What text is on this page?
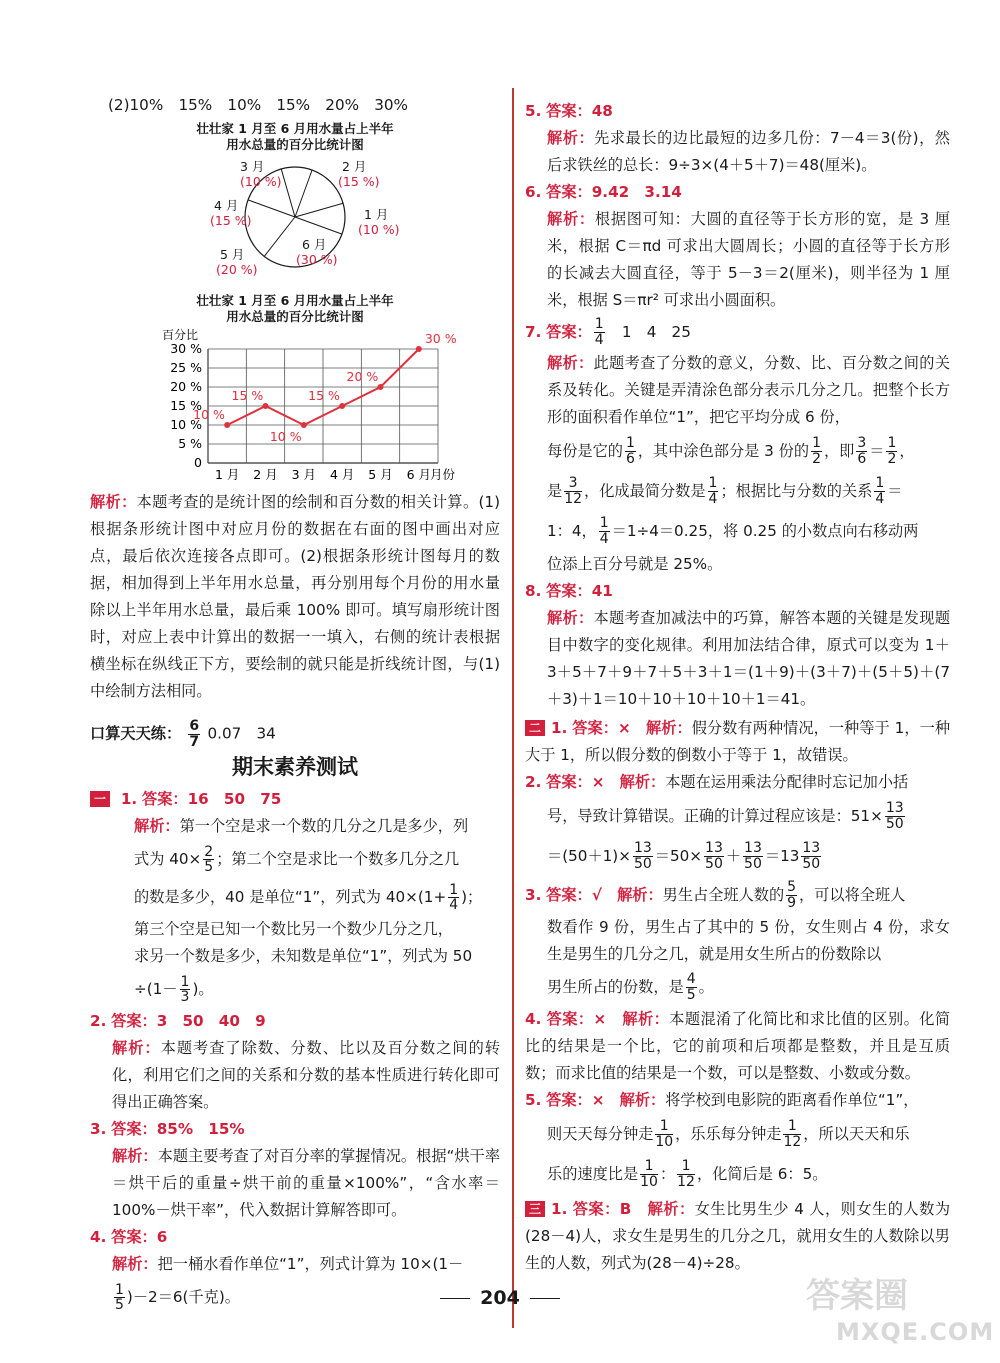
(2)10%　15%　10%　15%　20%　30%
壮壮家 1 月至 6 月用水量占上半年
用水总量的百分比统计图
3 月
(10 %)
2 月
(15 %)
4 月
(15 %)	1 月
(10 %)
5 月
(20 %)
6 月
(30 %)
壮壮家 1 月至 6 月用水量占上半年
用水总量的百分比统计图
百分比
30 %
25 %
20 %
15 %
10 %
5 %
0
1 月 2 月 3 月 4 月 5 月 6 月
10 %
15 %
10 %
15 %
20 %
30 %
月份
解析：本题考查的是统计图的绘制和百分数的相关计算。(1)根据条形统计图中对应月份的数据在右面的图中画出对应点，最后依次连接各点即可。(2)根据条形统计图每月的数据，相加得到上半年用水总量，再分别用每个月份的用水量除以上半年用水总量，最后乘 100% 即可。填写扇形统计图时，对应上表中计算出的数据一一填入，右侧的统计表根据横坐标在纵线正下方，要绘制的就只能是折线统计图，与(1)中绘制方法相同。
口算天天练： $\frac{6}{7} 0.07$　34
期末素养测试
一 1. 答案：16　50　75
解析：第一个空是求一个数的几分之几是多少，列
式为 $40\times \frac{2}{5}$ ；第二个空是求比一个数多几分之几
的数是多少，40 是单位“1”，列式为 $40\times(1+ \frac{1}{4}$ )；
第三个空是已知一个数比另一个数少几分之几，
求另一个数是多少，未知数是单位“1”，列式为 50
$\div(1- \frac{1}{3}$ )。
2. 答案：3　50　40　9
解析：本题考查了除数、分数、比以及百分数之间的转化，利用它们之间的关系和分数的基本性质进行转化即可得出正确答案。
3. 答案：85%　15%
解析：本题主要考查了对百分率的掌握情况。根据“烘干率＝烘干后的重量÷烘干前的重量×100%”，“含水率＝100%－烘干率”，代入数据计算解答即可。
4. 答案：6
解析：把一桶水看作单位“1”，列式计算为 10×(1－
$\frac{1}{5} )-2=6$(千克)。
5. 答案：48
解析：先求最长的边比最短的边多几份：7－4＝3(份)，然后求铁丝的总长：9÷3×(4＋5＋7)＝48(厘米)。
6. 答案：9.42　3.14
解析：根据图可知：大圆的直径等于长方形的宽，是 3 厘米，根据 C＝πd 可求出大圆周长；小圆的直径等于长方形的长减去大圆直径，等于 5－3＝2(厘米)，则半径为 1 厘米，根据 S＝πr² 可求出小圆面积。
7. 答案： $\frac{1}{4}$
　 1　4　25
解析：此题考查了分数的意义，分数、比、百分数之间的关系及转化。关键是弄清涂色部分表示几分之几。把整个长方形的面积看作单位“1”，把它平均分成 6 份，
每份是它的 $\frac{1}{6}$ ，其中涂色部分是 3 份的 $\frac{1}{2}$ ，即 $\frac{3}{6} = \frac{1}{2}$ ，
是 $\frac{3}{12}$ ，化成最简分数是 $\frac{1}{4}$ ；根据比与分数的关系 $\frac{1}{4}$ ＝
1：4， $\frac{1}{4} =1\div 4=0.25$，将 0.25 的小数点向右移动两
位添上百分号就是 25%。
8. 答案：41
解析：本题考查加减法中的巧算，解答本题的关键是发现题目中数字的变化规律。利用加法结合律，原式可以变为 1＋3＋5＋7＋9＋7＋5＋3＋1＝(1＋9)＋(3＋7)＋(5＋5)＋(7＋3)＋1＝10＋10＋10＋10＋1＝41。
二 1. 答案：×　 解析：假分数有两种情况，一种等于 1，一种大于 1，所以假分数的倒数小于等于 1，故错误。
2. 答案：×　 解析：本题在运用乘法分配律时忘记加小括
号，导致计算错误。正确的计算过程应该是：$51\times \frac{13}{50}$
$=(50+1)\times \frac{13}{50} =50\times \frac{13}{50} + \frac{13}{50} =13 \frac{13}{50}$
3. 答案：√　 解析：男生占全班人数的 $\frac{5}{9}$ ，可以将全班人
数看作 9 份，男生占了其中的 5 份，女生则占 4 份，求女生是男生的几分之几，就是用女生所占的份数除以
男生所占的份数，是 $\frac{4}{5}$ 。
4. 答案：×　 解析：本题混淆了化简比和求比值的区别。化简比的结果是一个比，它的前项和后项都是整数，并且是互质数；而求比值的结果是一个数，可以是整数、小数或分数。
5. 答案：×　 解析：将学校到电影院的距离看作单位“1”，
则天天每分钟走 $\frac{1}{10}$ ，乐乐每分钟走 $\frac{1}{12}$ ，所以天天和乐
乐的速度比是 $\frac{1}{10}$ ： $\frac{1}{12}$ ，化简后是 6：5。
三 1. 答案：B　 解析：女生比男生少 4 人，则女生的人数为(28－4)人，求女生是男生的几分之几，就用女生的人数除以男生的人数，列式为(28－4)÷28。
204	答案圈
MXQE.COM
